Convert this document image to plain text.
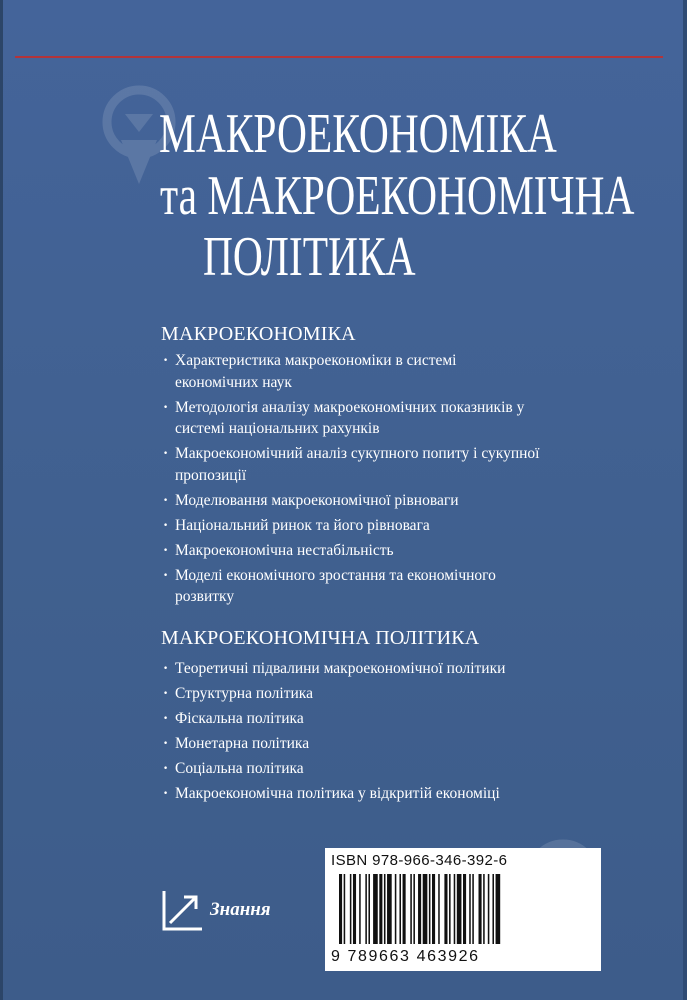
МАКРОЕКОНОМІКА
та МАКРОЕКОНОМІЧНА
ПОЛІТИКА
МАКРОЕКОНОМІКА
· Характеристика макроекономіки в системі економічних наук
· Методологія аналізу макроекономічних показників у системі національних рахунків
· Макроекономічний аналіз сукупного попиту і сукупної пропозиції
· Моделювання макроекономічної рівноваги
· Національний ринок та його рівновага
· Макроекономічна нестабільність
· Моделі економічного зростання та економічного розвитку
МАКРОЕКОНОМІЧНА ПОЛІТИКА
· Теоретичні підвалини макроекономічної політики
· Структурна політика
· Фіскальна політика
· Монетарна політика
· Соціальна політика
· Макроекономічна політика у відкритій економіці
Знання
ISBN 978-966-346-392-6
9 789663 463926
